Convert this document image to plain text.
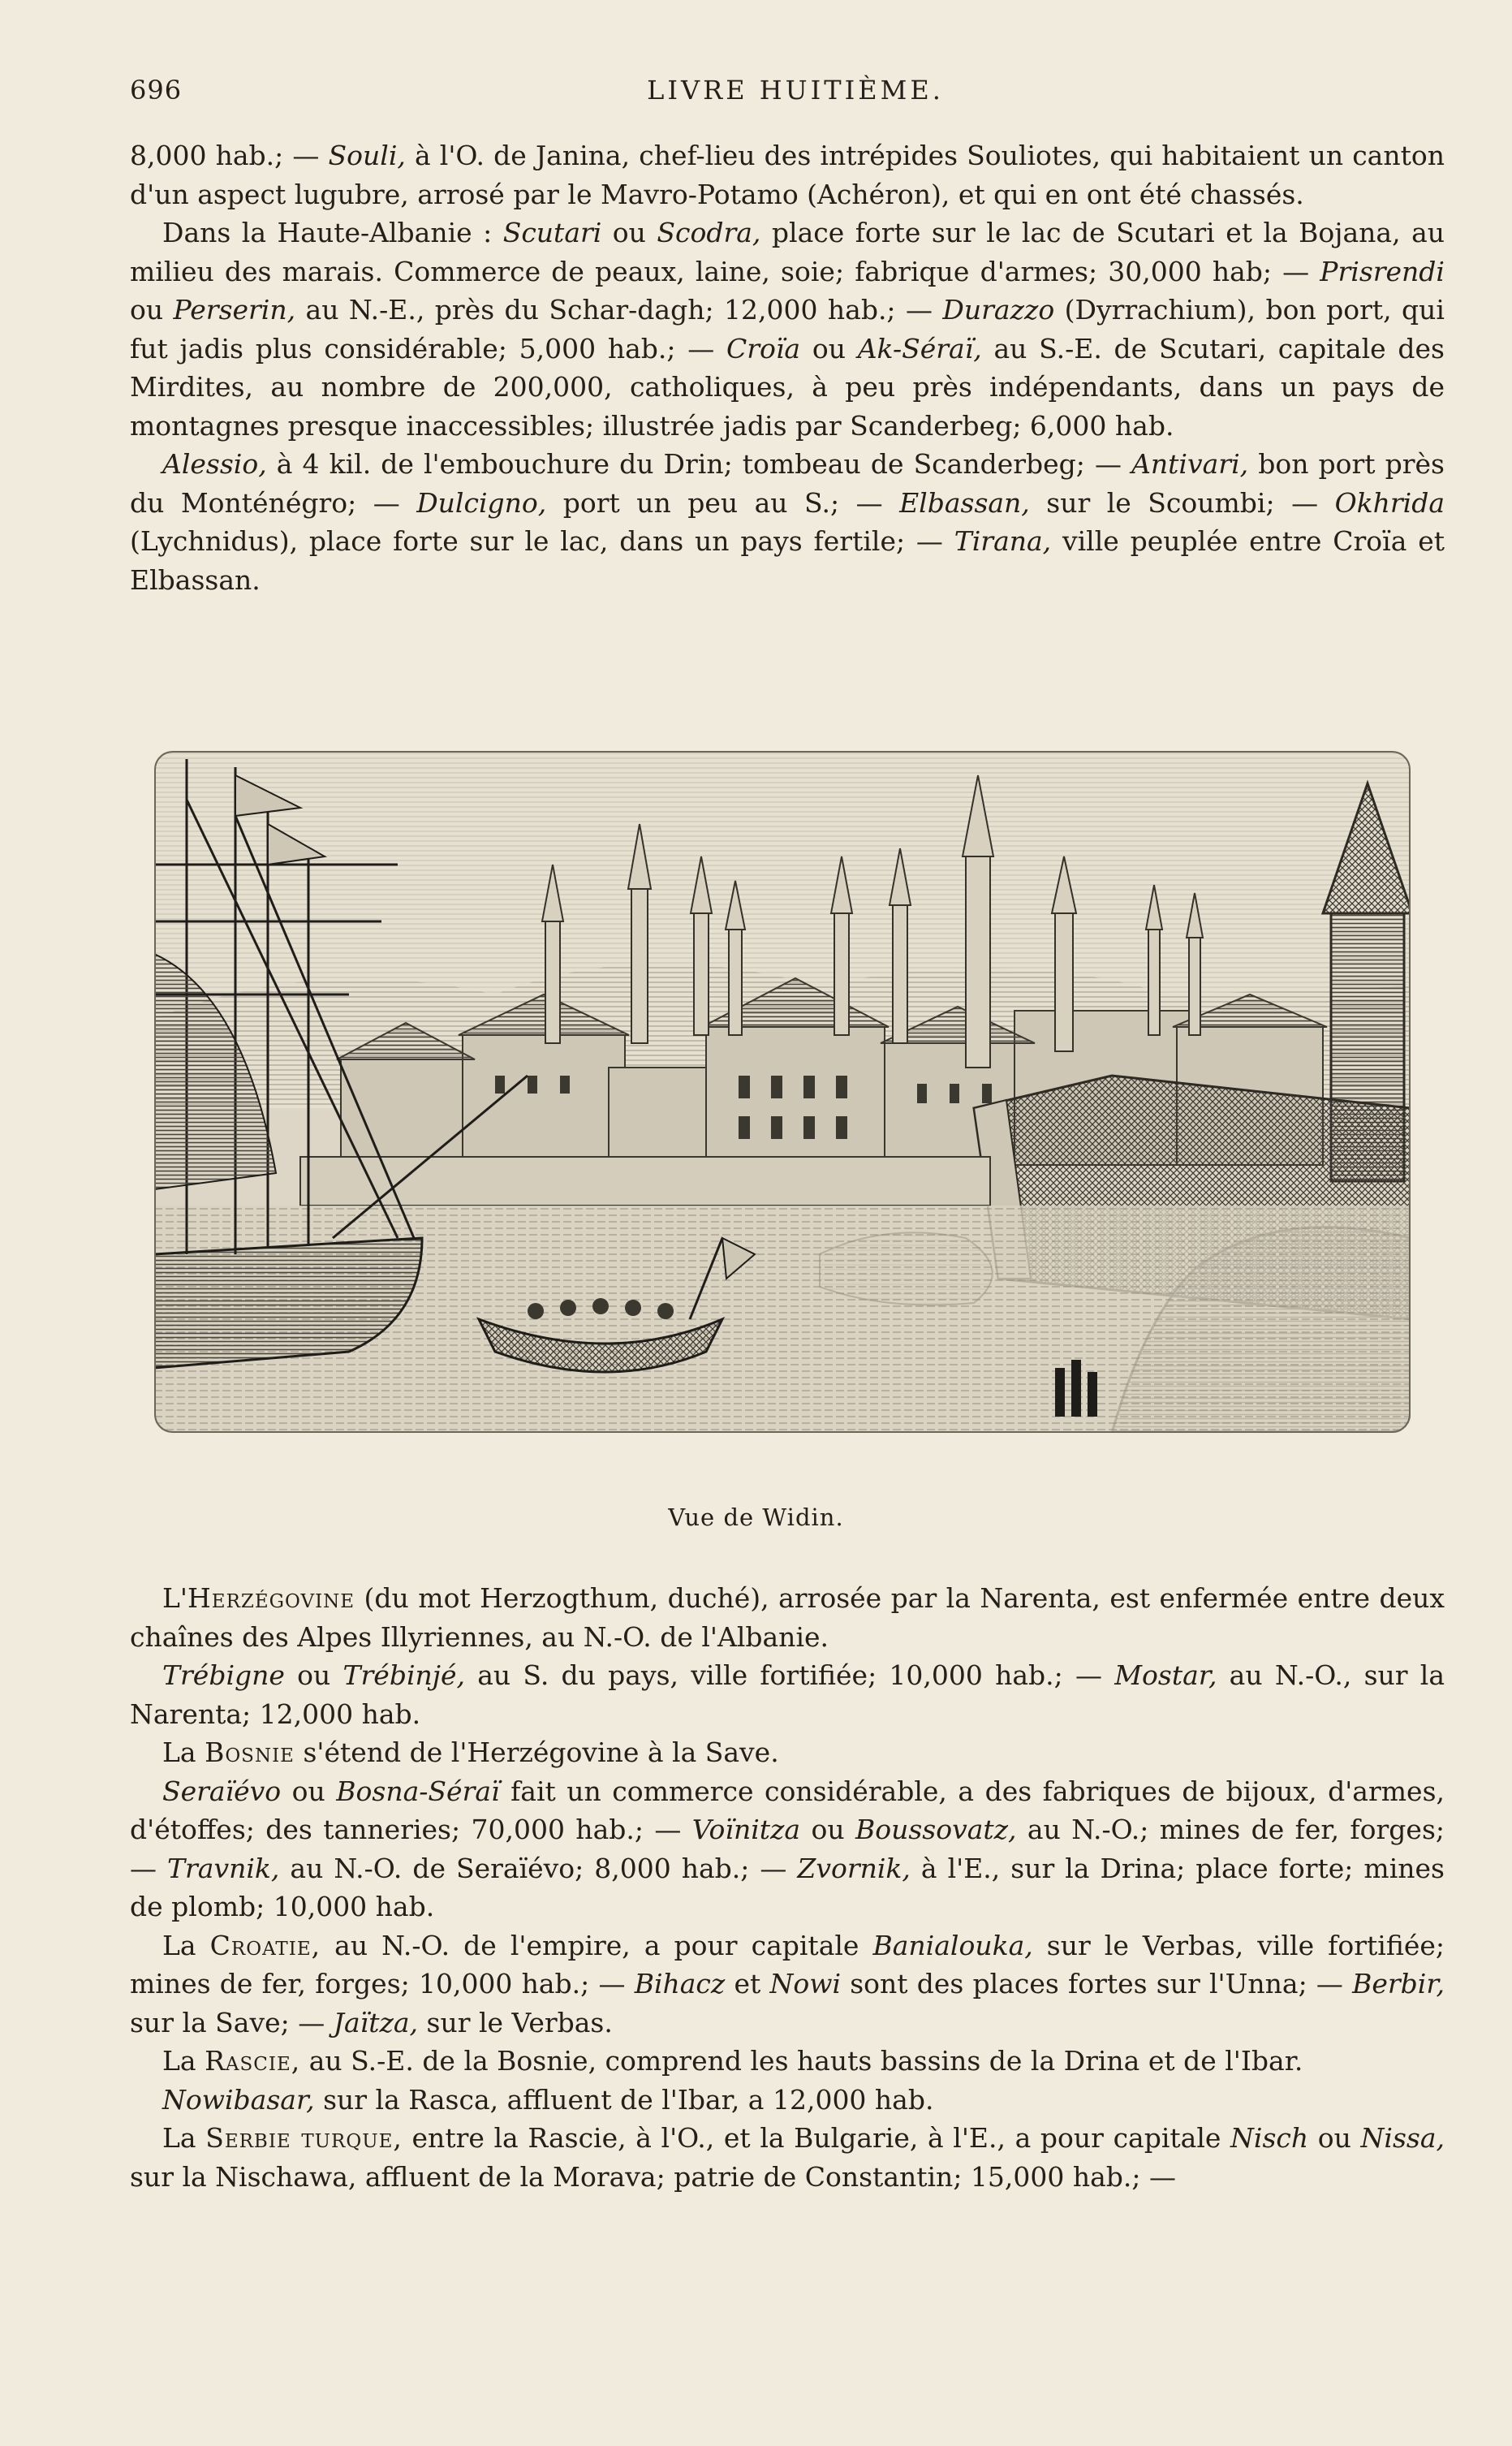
696	LIVRE HUITIÈME.

8,000 hab.; — Souli, à l'O. de Janina, chef-lieu des intrépides Souliotes, qui habitaient un canton d'un aspect lugubre, arrosé par le Mavro-Potamo (Achéron), et qui en ont été chassés.

Dans la Haute-Albanie : Scutari ou Scodra, place forte sur le lac de Scutari et la Bojana, au milieu des marais. Commerce de peaux, laine, soie; fabrique d'armes; 30,000 hab; — Prisrendi ou Perserin, au N.-E., près du Schar-dagh; 12,000 hab.; — Durazzo (Dyrrachium), bon port, qui fut jadis plus considérable; 5,000 hab.; — Croïa ou Ak-Séraï, au S.-E. de Scutari, capitale des Mirdites, au nombre de 200,000, catholiques, à peu près indépendants, dans un pays de montagnes presque inaccessibles; illustrée jadis par Scanderbeg; 6,000 hab.

Alessio, à 4 kil. de l'embouchure du Drin; tombeau de Scanderbeg; — Antivari, bon port près du Monténégro; — Dulcigno, port un peu au S.; — Elbassan, sur le Scoumbi; — Okhrida (Lychnidus), place forte sur le lac, dans un pays fertile; — Tirana, ville peuplée entre Croïa et Elbassan.

Vue de Widin.

L'Herzégovine (du mot Herzogthum, duché), arrosée par la Narenta, est enfermée entre deux chaînes des Alpes Illyriennes, au N.-O. de l'Albanie.

Trébigne ou Trébinjé, au S. du pays, ville fortifiée; 10,000 hab.; — Mostar, au N.-O., sur la Narenta; 12,000 hab.

La Bosnie s'étend de l'Herzégovine à la Save.

Seraïévo ou Bosna-Séraï fait un commerce considérable, a des fabriques de bijoux, d'armes, d'étoffes; des tanneries; 70,000 hab.; — Voïnitza ou Boussovatz, au N.-O.; mines de fer, forges; — Travnik, au N.-O. de Seraïévo; 8,000 hab.; — Zvornik, à l'E., sur la Drina; place forte; mines de plomb; 10,000 hab.

La Croatie, au N.-O. de l'empire, a pour capitale Banialouka, sur le Verbas, ville fortifiée; mines de fer, forges; 10,000 hab.; — Bihacz et Nowi sont des places fortes sur l'Unna; — Berbir, sur la Save; — Jaïtza, sur le Verbas.

La Rascie, au S.-E. de la Bosnie, comprend les hauts bassins de la Drina et de l'Ibar.

Nowibasar, sur la Rasca, affluent de l'Ibar, a 12,000 hab.

La Serbie turque, entre la Rascie, à l'O., et la Bulgarie, à l'E., a pour capitale Nisch ou Nissa, sur la Nischawa, affluent de la Morava; patrie de Constantin; 15,000 hab.; —
